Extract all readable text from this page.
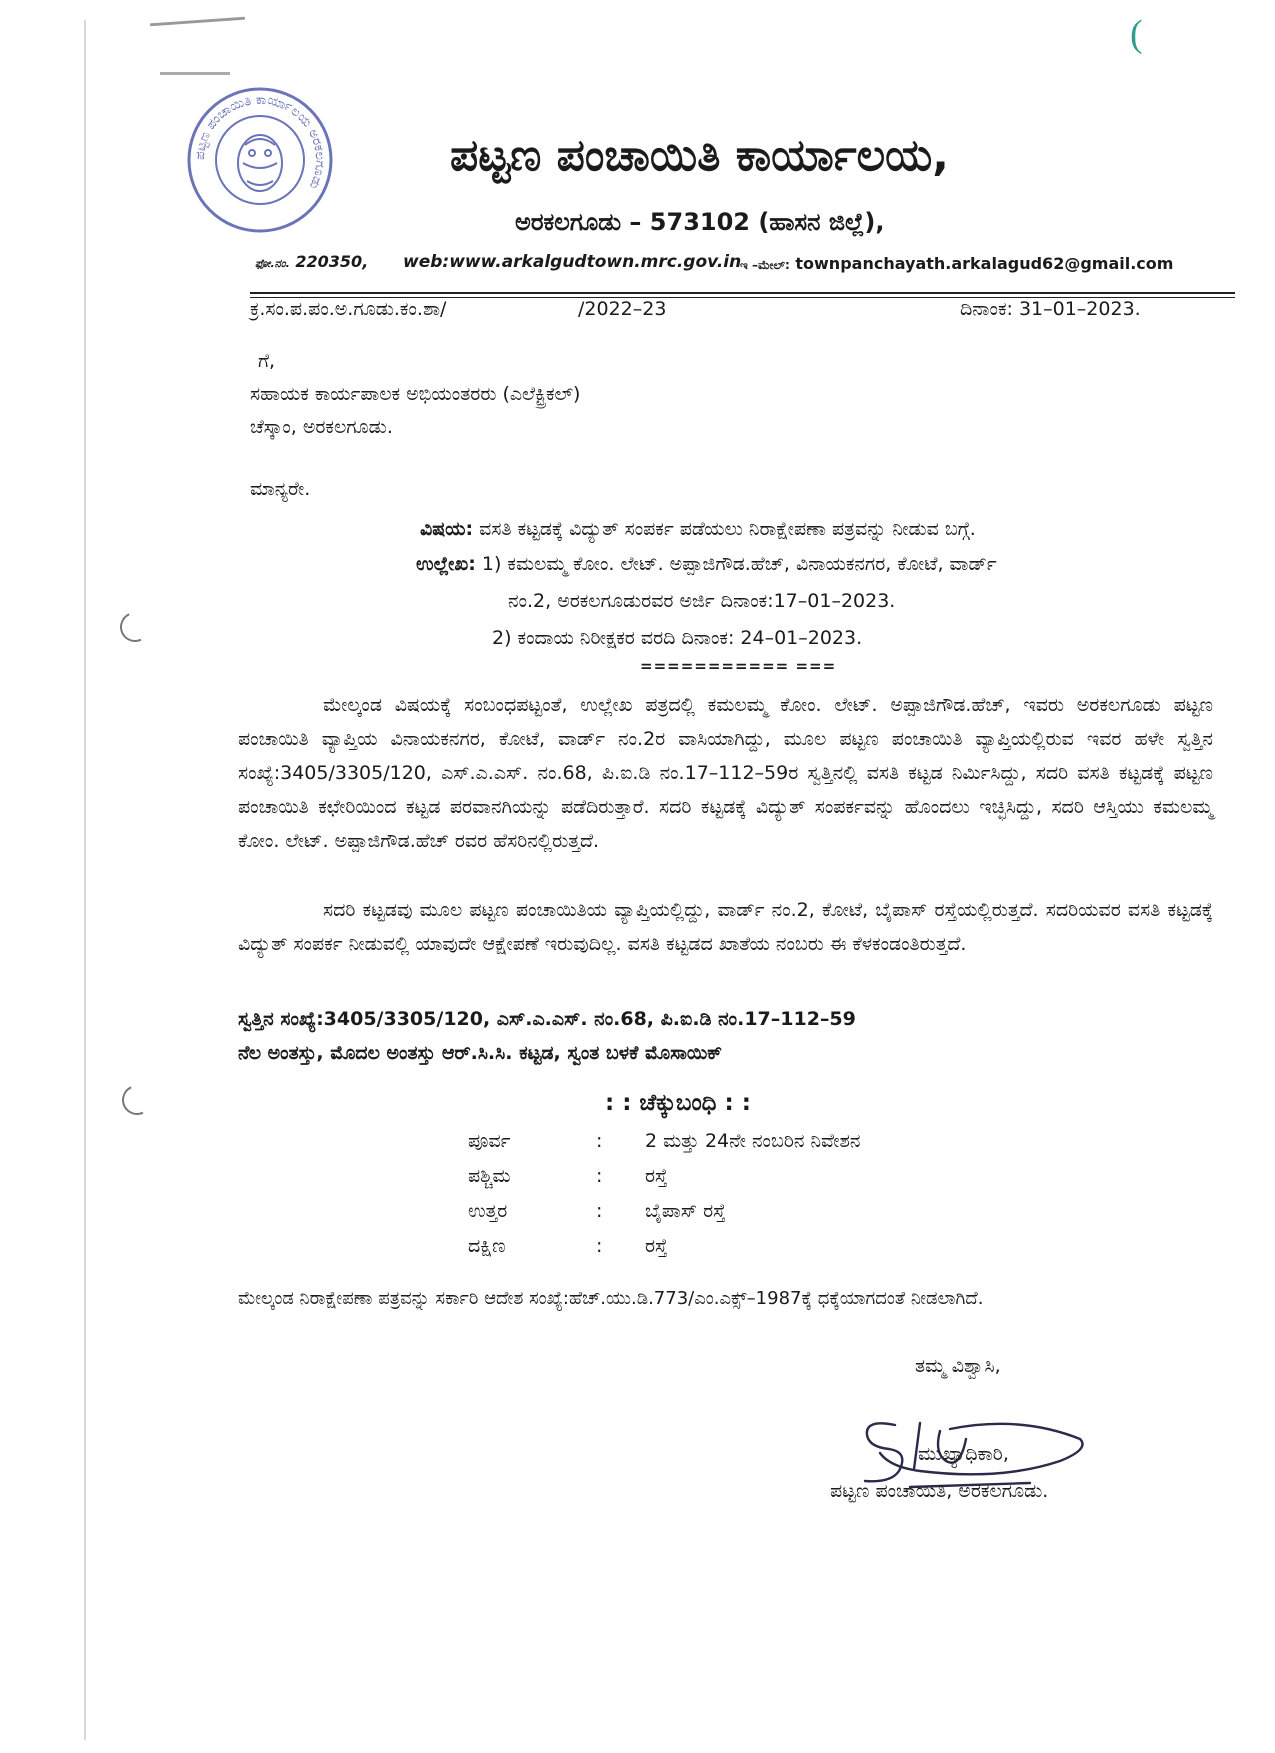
(
ಪಟ್ಟಣ ಪಂಚಾಯಿತಿ ಕಾರ್ಯಾಲಯ ಅರಕಲಗೂಡು
ಪಟ್ಟಣ ಪಂಚಾಯಿತಿ ಕಾರ್ಯಾಲಯ,
ಅರಕಲಗೂಡು – 573102 (ಹಾಸನ ಜಿಲ್ಲೆ),
ಫೋ.ನಂ. 220350, web:www.arkalgudtown.mrc.gov.in
ಇ –ಮೇಲ್: townpanchayath.arkalagud62@gmail.com
ಕ್ರ.ಸಂ.ಪ.ಪಂ.ಅ.ಗೂಡು.ಕಂ.ಶಾ/	/2022–23	ದಿನಾಂಕ: 31–01–2023.
ಗೆ,
ಸಹಾಯಕ ಕಾರ್ಯಪಾಲಕ ಅಭಿಯಂತರರು (ಎಲೆಕ್ಟ್ರಿಕಲ್)
ಚೆಸ್ಕಾಂ, ಅರಕಲಗೂಡು.
ಮಾನ್ಯರೇ.
ವಿಷಯ: ವಸತಿ ಕಟ್ಟಡಕ್ಕೆ ವಿದ್ಯುತ್ ಸಂಪರ್ಕ ಪಡೆಯಲು ನಿರಾಕ್ಷೇಪಣಾ ಪತ್ರವನ್ನು ನೀಡುವ ಬಗ್ಗೆ.
ಉಲ್ಲೇಖ: 1) ಕಮಲಮ್ಮ ಕೋಂ. ಲೇಟ್. ಅಪ್ಪಾಜಿಗೌಡ.ಹೆಚ್, ವಿನಾಯಕನಗರ, ಕೋಟೆ, ವಾರ್ಡ್
ನಂ.2, ಅರಕಲಗೂಡುರವರ ಅರ್ಜಿ ದಿನಾಂಕ:17–01–2023.
2) ಕಂದಾಯ ನಿರೀಕ್ಷಕರ ವರದಿ ದಿನಾಂಕ: 24–01–2023.
=========== ===
ಮೇಲ್ಕಂಡ ವಿಷಯಕ್ಕೆ ಸಂಬಂಧಪಟ್ಟಂತೆ, ಉಲ್ಲೇಖ ಪತ್ರದಲ್ಲಿ ಕಮಲಮ್ಮ ಕೋಂ. ಲೇಟ್. ಅಪ್ಪಾಜಿಗೌಡ.ಹೆಚ್, ಇವರು ಅರಕಲಗೂಡು ಪಟ್ಟಣ ಪಂಚಾಯಿತಿ ವ್ಯಾಪ್ತಿಯ ವಿನಾಯಕನಗರ, ಕೋಟೆ, ವಾರ್ಡ್ ನಂ.2ರ ವಾಸಿಯಾಗಿದ್ದು, ಮೂಲ ಪಟ್ಟಣ ಪಂಚಾಯಿತಿ ವ್ಯಾಪ್ತಿಯಲ್ಲಿರುವ ಇವರ ಹಳೇ ಸ್ವತ್ತಿನ ಸಂಖ್ಯೆ:3405/3305/120, ಎಸ್.ಎ.ಎಸ್. ನಂ.68, ಪಿ.ಐ.ಡಿ ನಂ.17–112–59ರ ಸ್ವತ್ತಿನಲ್ಲಿ ವಸತಿ ಕಟ್ಟಡ ನಿರ್ಮಿಸಿದ್ದು, ಸದರಿ ವಸತಿ ಕಟ್ಟಡಕ್ಕೆ ಪಟ್ಟಣ ಪಂಚಾಯಿತಿ ಕಛೇರಿಯಿಂದ ಕಟ್ಟಡ ಪರವಾನಗಿಯನ್ನು ಪಡೆದಿರುತ್ತಾರೆ. ಸದರಿ ಕಟ್ಟಡಕ್ಕೆ ವಿದ್ಯುತ್ ಸಂಪರ್ಕವನ್ನು ಹೊಂದಲು ಇಚ್ಛಿಸಿದ್ದು, ಸದರಿ ಆಸ್ತಿಯು ಕಮಲಮ್ಮ ಕೋಂ. ಲೇಟ್. ಅಪ್ಪಾಜಿಗೌಡ.ಹೆಚ್ ರವರ ಹೆಸರಿನಲ್ಲಿರುತ್ತದೆ.
ಸದರಿ ಕಟ್ಟಡವು ಮೂಲ ಪಟ್ಟಣ ಪಂಚಾಯಿತಿಯ ವ್ಯಾಪ್ತಿಯಲ್ಲಿದ್ದು, ವಾರ್ಡ್ ನಂ.2, ಕೋಟೆ, ಬೈಪಾಸ್ ರಸ್ತೆಯಲ್ಲಿರುತ್ತದೆ. ಸದರಿಯವರ ವಸತಿ ಕಟ್ಟಡಕ್ಕೆ ವಿದ್ಯುತ್ ಸಂಪರ್ಕ ನೀಡುವಲ್ಲಿ ಯಾವುದೇ ಆಕ್ಷೇಪಣೆ ಇರುವುದಿಲ್ಲ. ವಸತಿ ಕಟ್ಟಡದ ಖಾತೆಯ ನಂಬರು ಈ ಕೆಳಕಂಡಂತಿರುತ್ತದೆ.
ಸ್ವತ್ತಿನ ಸಂಖ್ಯೆ:3405/3305/120, ಎಸ್.ಎ.ಎಸ್. ನಂ.68, ಪಿ.ಐ.ಡಿ ನಂ.17–112–59
ನೆಲ ಅಂತಸ್ತು, ಮೊದಲ ಅಂತಸ್ತು ಆರ್.ಸಿ.ಸಿ. ಕಟ್ಟಡ, ಸ್ವಂತ ಬಳಕೆ ಮೊಸಾಯಿಕ್
: : ಚೆಕ್ಕುಬಂಧಿ : :
ಪೂರ್ವ	: 2 ಮತ್ತು 24ನೇ ನಂಬರಿನ ನಿವೇಶನ
ಪಶ್ಚಿಮ	: ರಸ್ತೆ
ಉತ್ತರ	: ಬೈಪಾಸ್ ರಸ್ತೆ
ದಕ್ಷಿಣ	: ರಸ್ತೆ
ಮೇಲ್ಕಂಡ ನಿರಾಕ್ಷೇಪಣಾ ಪತ್ರವನ್ನು ಸರ್ಕಾರಿ ಆದೇಶ ಸಂಖ್ಯೆ:ಹೆಚ್.ಯು.ಡಿ.773/ಎಂ.ಎಕ್ಸ್–1987ಕ್ಕೆ ಧಕ್ಕೆಯಾಗದಂತೆ ನೀಡಲಾಗಿದೆ.
ತಮ್ಮ ವಿಶ್ವಾಸಿ,
ಮುಖ್ಯಾಧಿಕಾರಿ,
ಪಟ್ಟಣ ಪಂಚಾಯಿತಿ, ಅರಕಲಗೂಡು.
